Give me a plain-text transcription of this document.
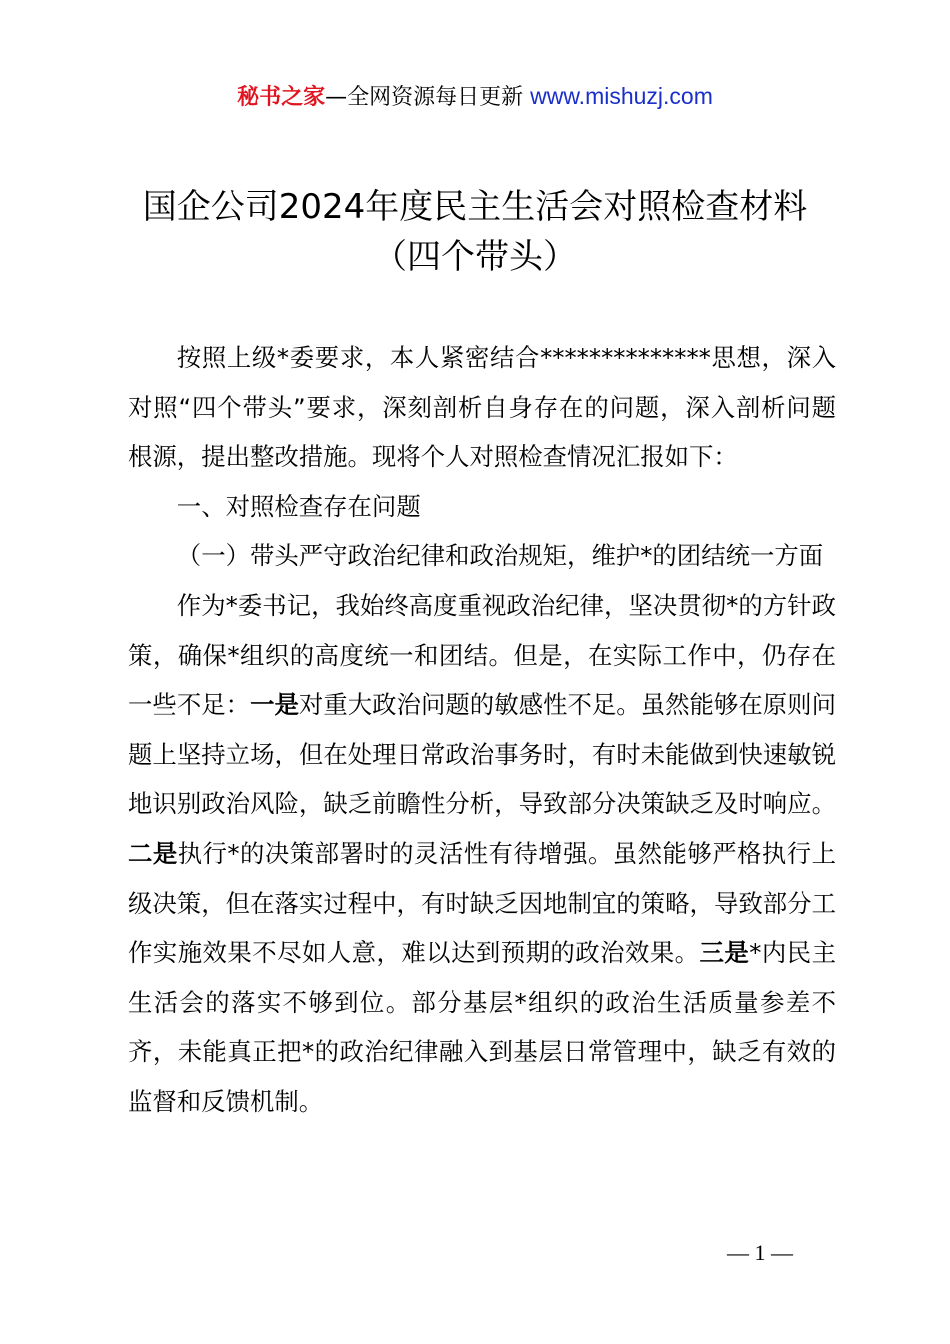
秘书之家—全网资源每日更新 www.mishuzj.com
国企公司2024年度民主生活会对照检查材料
（四个带头）

按照上级*委要求，本人紧密结合**************思想，深入对照“四个带头”要求，深刻剖析自身存在的问题，深入剖析问题根源，提出整改措施。现将个人对照检查情况汇报如下：

一、对照检查存在问题

（一）带头严守政治纪律和政治规矩，维护*的团结统一方面

作为*委书记，我始终高度重视政治纪律，坚决贯彻*的方针政策，确保*组织的高度统一和团结。但是，在实际工作中，仍存在一些不足：一是对重大政治问题的敏感性不足。虽然能够在原则问题上坚持立场，但在处理日常政治事务时，有时未能做到快速敏锐地识别政治风险，缺乏前瞻性分析，导致部分决策缺乏及时响应。二是执行*的决策部署时的灵活性有待增强。虽然能够严格执行上级决策，但在落实过程中，有时缺乏因地制宜的策略，导致部分工作实施效果不尽如人意，难以达到预期的政治效果。三是*内民主生活会的落实不够到位。部分基层*组织的政治生活质量参差不齐，未能真正把*的政治纪律融入到基层日常管理中，缺乏有效的监督和反馈机制。

— 1 —
